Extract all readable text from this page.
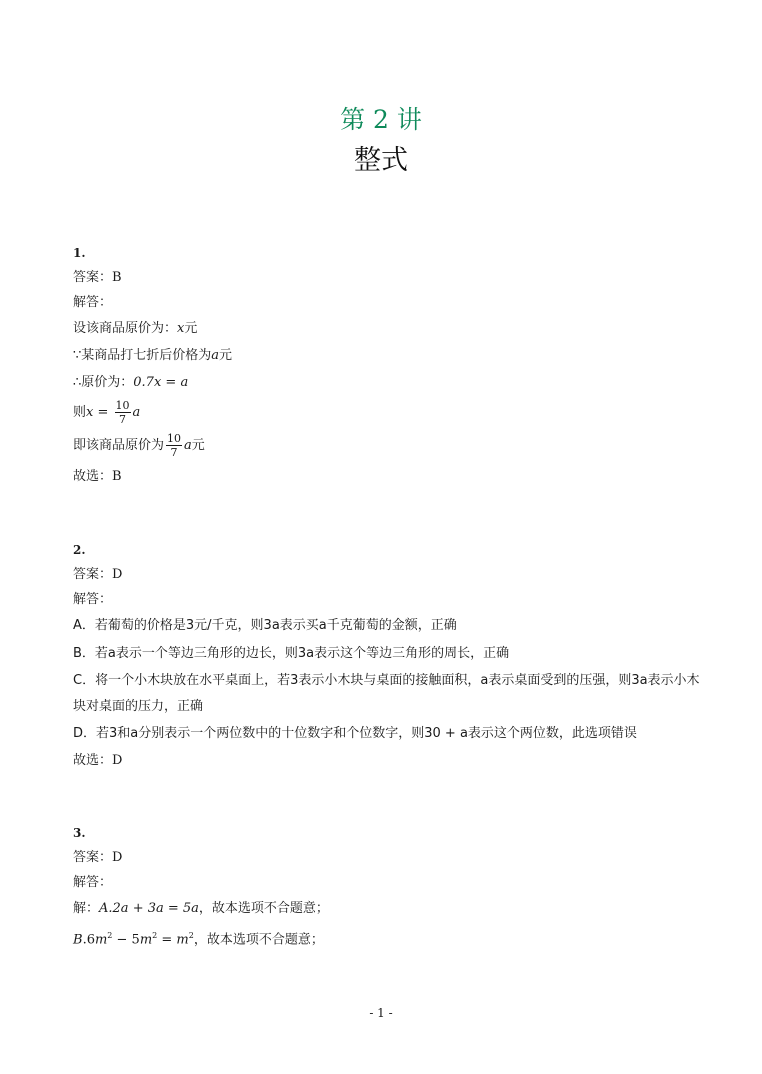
第 2 讲
整式
1.
答案：B
解答：
设该商品原价为：x元
∵某商品打七折后价格为a元
∴原价为：0.7x = a
则$x = \frac{10}{7}$ a
即该商品原价为 $\frac{10}{7}$ a元
故选：B
2.
答案：D
解答：
A．若葡萄的价格是3元/千克，则3a表示买a千克葡萄的金额，正确
B．若a表示一个等边三角形的边长，则3a表示这个等边三角形的周长，正确
C．将一个小木块放在水平桌面上，若3表示小木块与桌面的接触面积，a表示桌面受到的压强，则3a表示小木
块对桌面的压力，正确
D．若3和a分别表示一个两位数中的十位数字和个位数字，则30 + a表示这个两位数，此选项错误
故选：D
3.
答案：D
解答：
解：A.2a + 3a = 5a，故本选项不合题意；
$B.6m^2 - 5m^2 = m^2$，故本选项不合题意；
- 1 -
